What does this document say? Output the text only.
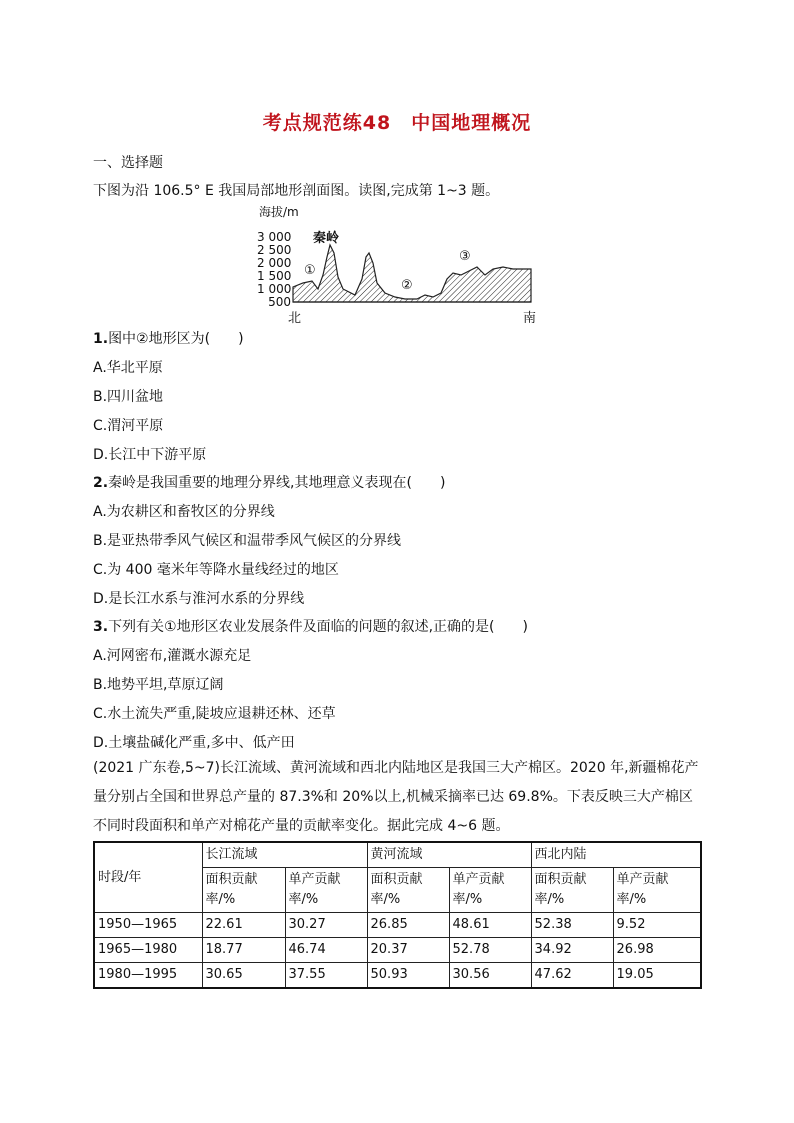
考点规范练48　中国地理概况
一、选择题
下图为沿 106.5° E 我国局部地形剖面图。读图,完成第 1~3 题。
海拔/m
3 000
2 500
2 000
1 500
1 000
500
秦岭
①
②
③
北	南
1.图中②地形区为(　　)
A.华北平原
B.四川盆地
C.渭河平原
D.长江中下游平原
2.秦岭是我国重要的地理分界线,其地理意义表现在(　　)
A.为农耕区和畜牧区的分界线
B.是亚热带季风气候区和温带季风气候区的分界线
C.为 400 毫米年等降水量线经过的地区
D.是长江水系与淮河水系的分界线
3.下列有关①地形区农业发展条件及面临的问题的叙述,正确的是(　　)
A.河网密布,灌溉水源充足
B.地势平坦,草原辽阔
C.水土流失严重,陡坡应退耕还林、还草
D.土壤盐碱化严重,多中、低产田
(2021 广东卷,5~7)长江流域、黄河流域和西北内陆地区是我国三大产棉区。2020 年,新疆棉花产量分别占全国和世界总产量的 87.3%和 20%以上,机械采摘率已达 69.8%。下表反映三大产棉区不同时段面积和单产对棉花产量的贡献率变化。据此完成 4~6 题。
时段/年	长江流域		黄河流域		西北内陆	
	面积贡献率/%	单产贡献率/%	面积贡献率/%	单产贡献率/%	面积贡献率/%	单产贡献率/%
1950—1965	22.61	30.27	26.85	48.61	52.38	9.52
1965—1980	18.77	46.74	20.37	52.78	34.92	26.98
1980—1995	30.65	37.55	50.93	30.56	47.62	19.05
